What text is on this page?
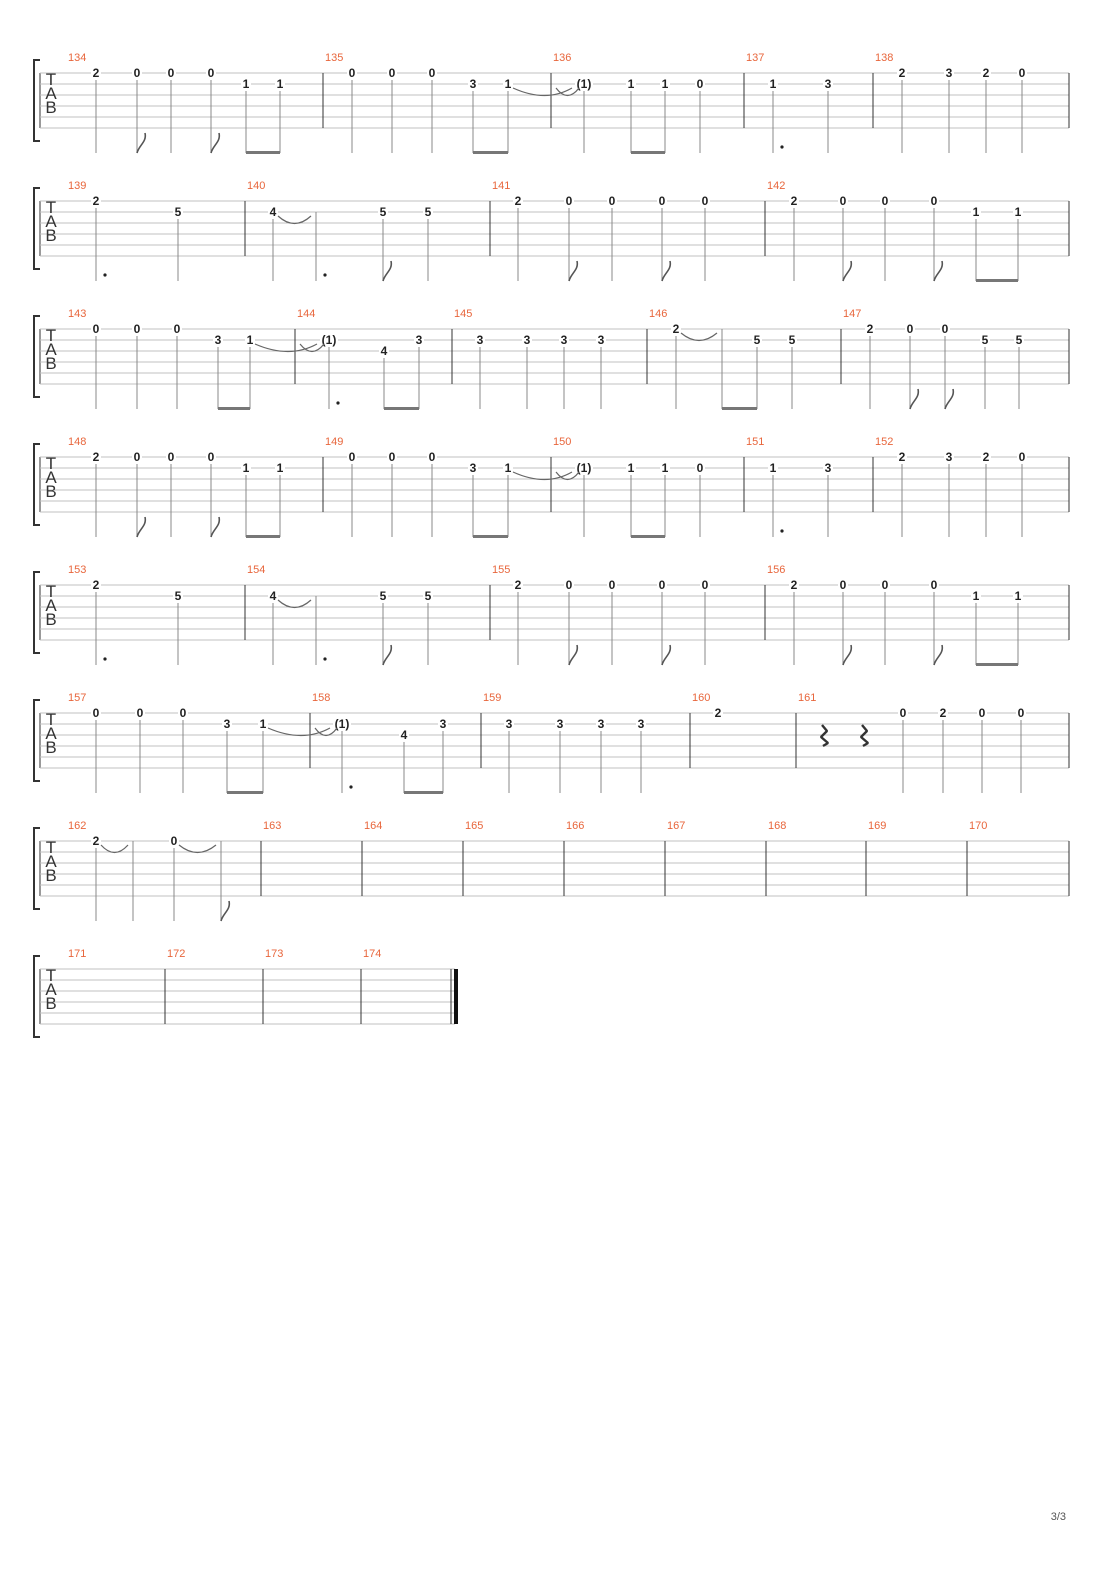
T
A
B
134
2	0 0	0
1 1
135
0	0	0
3 1
136
(1)	1 1 0
137
1	3
138
2	3	2 0
T
A
B
139
2
5
140
4	5	5
141
2	0	0	0	0
142
2	0	0	0
1	1
T
A
B
143
0	0	0
3 1
144
(1)
4
3
145
3	3	3	3
146
2
5 5
147
2	0 0
5 5
T
A
B
148
2	0 0	0
1 1
149
0	0	0
3 1
150
(1)	1 1 0
151
1	3
152
2	3	2 0
T
A
B
153
2
5
154
4	5	5
155
2	0	0	0	0
156
2	0	0	0
1	1
T
A
B
157
0	0	0
3 1
158
(1)
4
3
159
3	3	3	3
160
2
161
0	2	0	0
T
A
B
162
2	0
163	164	165	166	167	168	169	170
T
A
B
171	172	173	174
3/3
